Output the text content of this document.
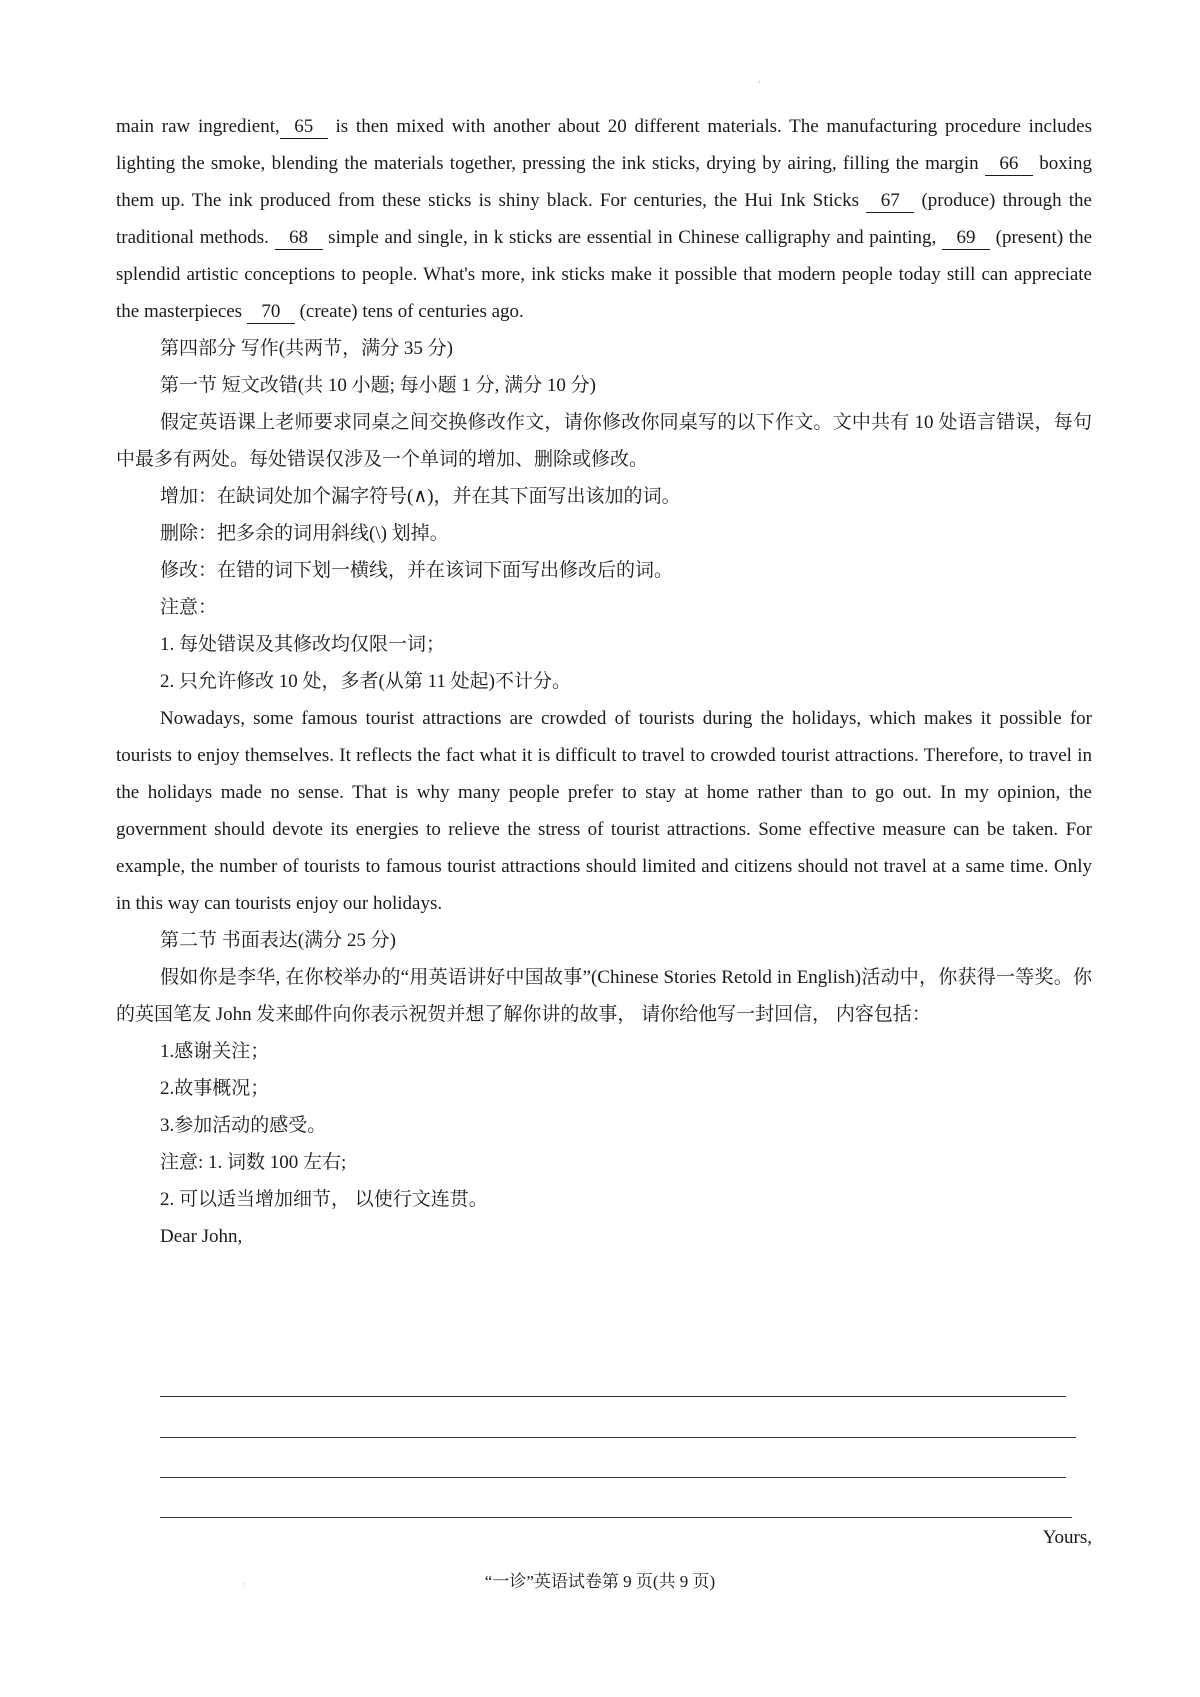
'

main raw ingredient, 65 is then mixed with another about 20 different materials. The manufacturing procedure includes lighting the smoke, blending the materials together, pressing the ink sticks, drying by airing, filling the margin 66 boxing them up. The ink produced from these sticks is shiny black. For centuries, the Hui Ink Sticks 67 (produce) through the traditional methods. 68 simple and single, in k sticks are essential in Chinese calligraphy and painting, 69 (present) the splendid artistic conceptions to people. What's more, ink sticks make it possible that modern people today still can appreciate the masterpieces 70 (create) tens of centuries ago.

第四部分 写作(共两节，满分 35 分)

第一节 短文改错(共 10 小题; 每小题 1 分, 满分 10 分)

假定英语课上老师要求同桌之间交换修改作文，请你修改你同桌写的以下作文。文中共有 10 处语言错误，每句中最多有两处。每处错误仅涉及一个单词的增加、删除或修改。

增加：在缺词处加个漏字符号(∧)，并在其下面写出该加的词。

删除：把多余的词用斜线(\) 划掉。

修改：在错的词下划一横线，并在该词下面写出修改后的词。

注意：

1. 每处错误及其修改均仅限一词；

2. 只允许修改 10 处，多者(从第 11 处起)不计分。

Nowadays, some famous tourist attractions are crowded of tourists during the holidays, which makes it possible for tourists to enjoy themselves. It reflects the fact what it is difficult to travel to crowded tourist attractions. Therefore, to travel in the holidays made no sense. That is why many people prefer to stay at home rather than to go out. In my opinion, the government should devote its energies to relieve the stress of tourist attractions. Some effective measure can be taken. For example, the number of tourists to famous tourist attractions should limited and citizens should not travel at a same time. Only in this way can tourists enjoy our holidays.

第二节 书面表达(满分 25 分)

假如你是李华, 在你校举办的“用英语讲好中国故事”(Chinese Stories Retold in English)活动中，你获得一等奖。你的英国笔友 John 发来邮件向你表示祝贺并想了解你讲的故事， 请你给他写一封回信， 内容包括：

1.感谢关注；

2.故事概况；

3.参加活动的感受。

注意: 1. 词数 100 左右;

2. 可以适当增加细节， 以使行文连贯。

Dear John,

Yours,
“一诊”英语试卷第 9 页(共 9 页)
:
